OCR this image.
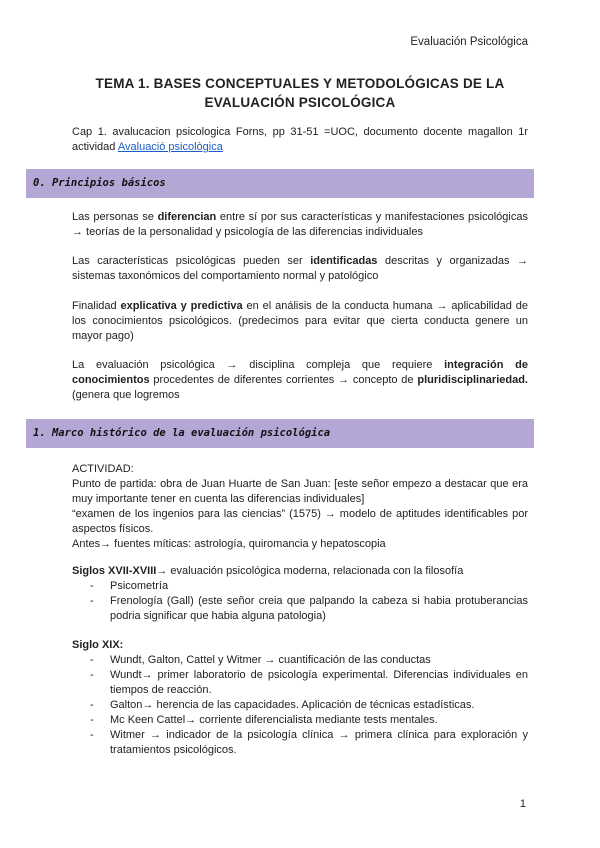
Evaluación Psicológica
TEMA 1. BASES CONCEPTUALES Y METODOLÓGICAS DE LA
EVALUACIÓN PSICOLÓGICA
Cap 1. avalucacion psicologica Forns, pp 31-51 =UOC, documento docente magallon 1r actividad Avaluació psicològica
0. Principios básicos
Las personas se diferencian entre sí por sus características y manifestaciones psicológicas → teorías de la personalidad y psicología de las diferencias individuales
Las características psicológicas pueden ser identificadas descritas y organizadas → sistemas taxonómicos del comportamiento normal y patológico
Finalidad explicativa y predictiva en el análisis de la conducta humana → aplicabilidad de los conocimientos psicológicos. (predecimos para evitar que cierta conducta genere un mayor pago)
La evaluación psicológica → disciplina compleja que requiere integración de conocimientos procedentes de diferentes corrientes → concepto de pluridisciplinariedad. (genera que logremos
1. Marco histórico de la evaluación psicológica

ACTIVIDAD:

Punto de partida: obra de Juan Huarte de San Juan: [este señor empezo a destacar que era muy importante tener en cuenta las diferencias individuales]

“examen de los ingenios para las ciencias” (1575) → modelo de aptitudes identificables por aspectos físicos.

Antes→ fuentes míticas: astrología, quiromancia y hepatoscopia

Siglos XVII-XVIII→ evaluación psicológica moderna, relacionada con la filosofía

- Psicometría
- Frenología (Gall) (este señor creia que palpando la cabeza si habia protuberancias podria significar que habia alguna patologia)

Siglo XIX:

- Wundt, Galton, Cattel y Witmer → cuantificación de las conductas
- Wundt→ primer laboratorio de psicología experimental. Diferencias individuales en tiempos de reacción.
- Galton→ herencia de las capacidades. Aplicación de técnicas estadísticas.
- Mc Keen Cattel→ corriente diferencialista mediante tests mentales.
- Witmer → indicador de la psicología clínica → primera clínica para exploración y tratamientos psicológicos.
1
